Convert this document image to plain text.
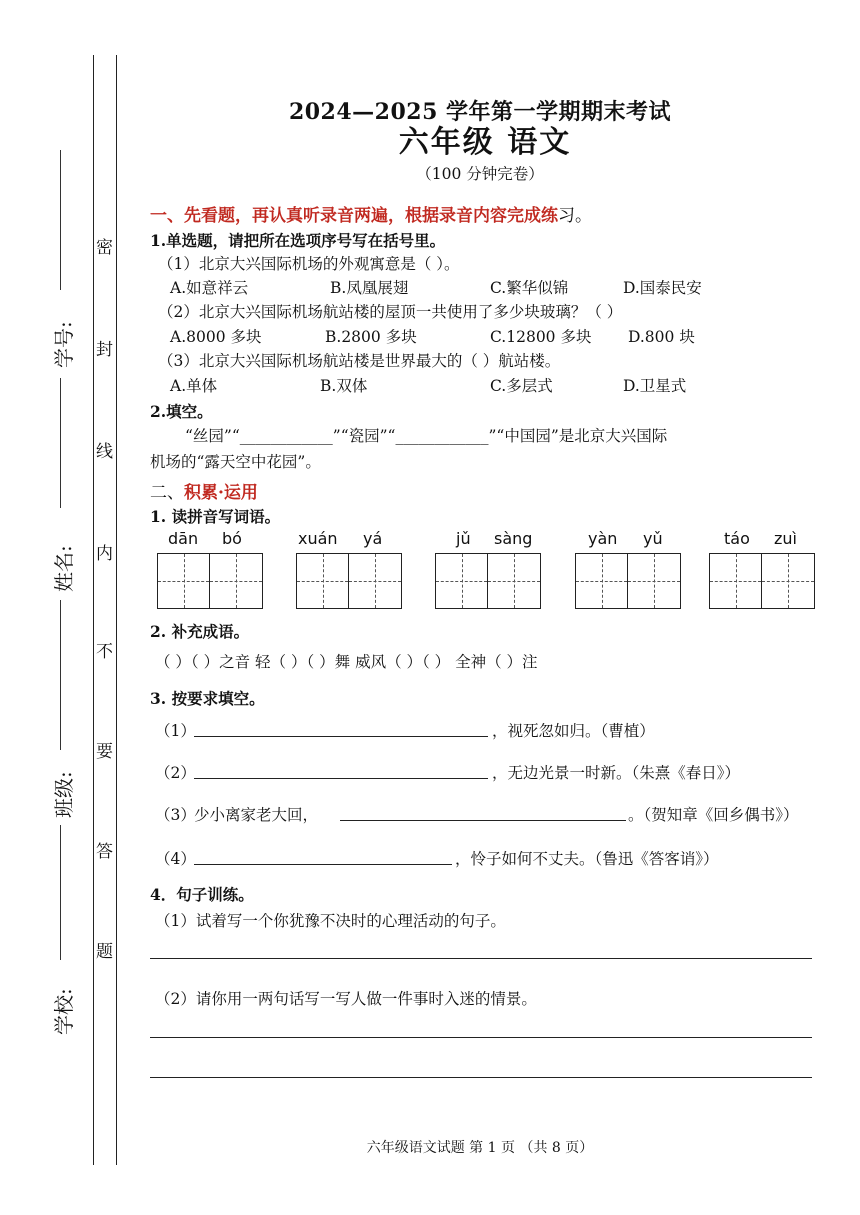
密
封
线
内
不
要
答
题
学号:
姓名:
班级:
学校:
2024—2025 学年第一学期期末考试
六年级 语文
（100 分钟完卷）
一、先看题，再认真听录音两遍，根据录音内容完成练习。
1.单选题，请把所在选项序号写在括号里。
（1）北京大兴国际机场的外观寓意是（ ）。
A.如意祥云	B.凤凰展翅	C.繁华似锦	D.国泰民安
（2）北京大兴国际机场航站楼的屋顶一共使用了多少块玻璃？（ ）
A.8000 多块	B.2800 多块	C.12800 多块 D.800 块
（3）北京大兴国际机场航站楼是世界最大的（ ）航站楼。
A.单体	B.双体	C.多层式	D.卫星式
2.填空。
“丝园”“____________”“瓷园”“____________”“中国园”是北京大兴国际
机场的“露天空中花园”。
二、积累·运用
1. 读拼音写词语。
dān bó	xuán yá	jǔ sàng	yàn yǔ	táo zuì
2. 补充成语。
（ ）（ ）之音 轻（ ）（ ）舞 威风（ ）（ ） 全神（ ）注
3. 按要求填空。
（1）	，视死忽如归。（曹植）
（2）	，无边光景一时新。（朱熹《春日》）
（3）
少小离家老大回，	。（贺知章《回乡偶书》）
（4）	，怜子如何不丈夫。（鲁迅《答客诮》）
4．句子训练。
（1）试着写一个你犹豫不决时的心理活动的句子。
（2）请你用一两句话写一写人做一件事时入迷的情景。
六年级语文试题 第 1 页 （共 8 页）
